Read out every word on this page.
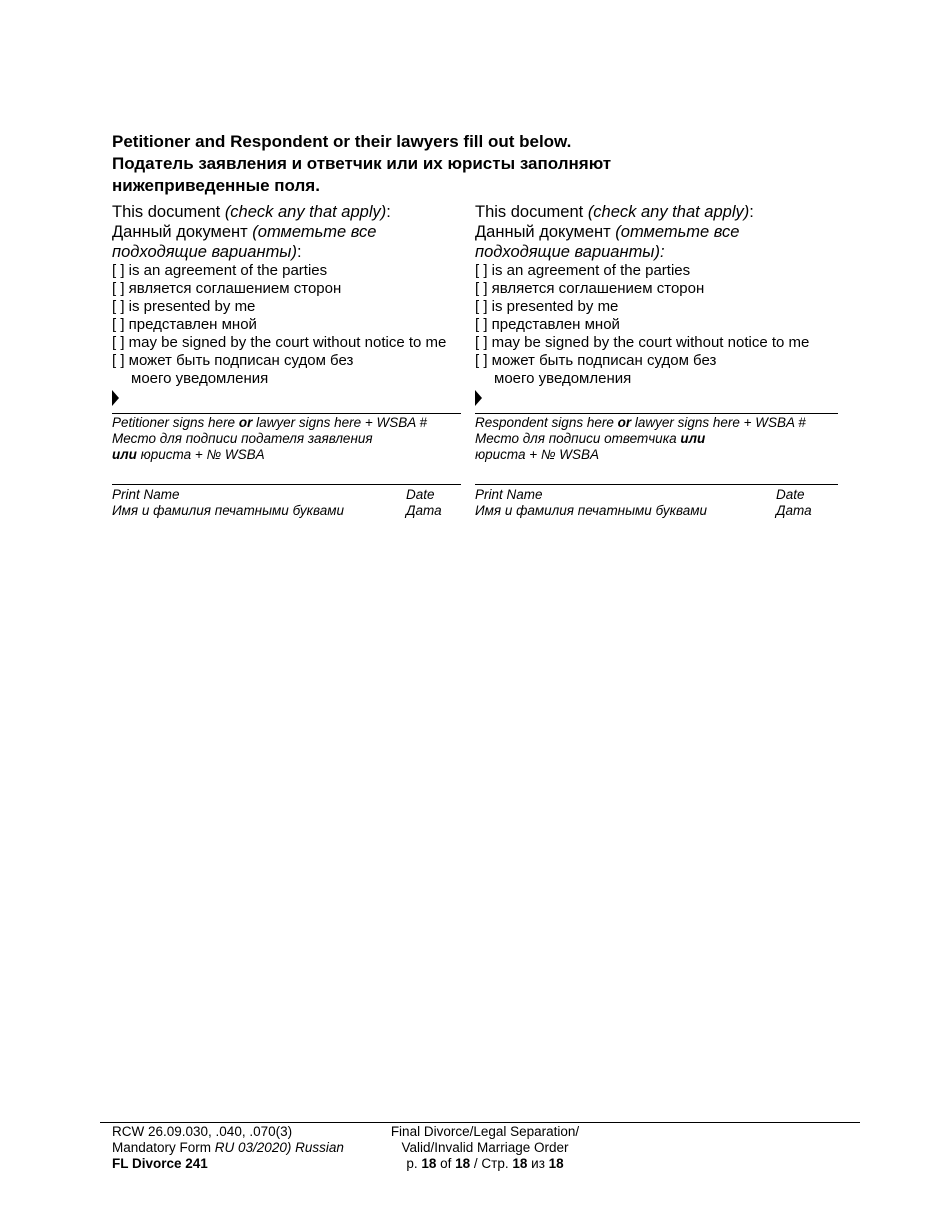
Petitioner and Respondent or their lawyers fill out below.
Податель заявления и ответчик или их юристы заполняют
нижеприведенные поля.
This document (check any that apply):
Данный документ (отметьте все
подходящие варианты):
[ ] is an agreement of the parties
[ ] является соглашением сторон
[ ] is presented by me
[ ] представлен мной
[ ] may be signed by the court without notice to me
[ ] может быть подписан судом без
моего уведомления
Petitioner signs here or lawyer signs here + WSBA #
Место для подписи подателя заявления
или юриста + № WSBA
Print Name	Date
Имя и фамилия печатными буквами	Дата
This document (check any that apply):
Данный документ (отметьте все
подходящие варианты):
[ ] is an agreement of the parties
[ ] является соглашением сторон
[ ] is presented by me
[ ] представлен мной
[ ] may be signed by the court without notice to me
[ ] может быть подписан судом без
моего уведомления
Respondent signs here or lawyer signs here + WSBA #
Место для подписи ответчика или
юриста + № WSBA
Print Name	Date
Имя и фамилия печатными буквами	Дата
RCW 26.09.030, .040, .070(3)
Mandatory Form RU 03/2020) Russian
FL Divorce 241
Final Divorce/Legal Separation/
Valid/Invalid Marriage Order
p. 18 of 18 / Стр. 18 из 18
